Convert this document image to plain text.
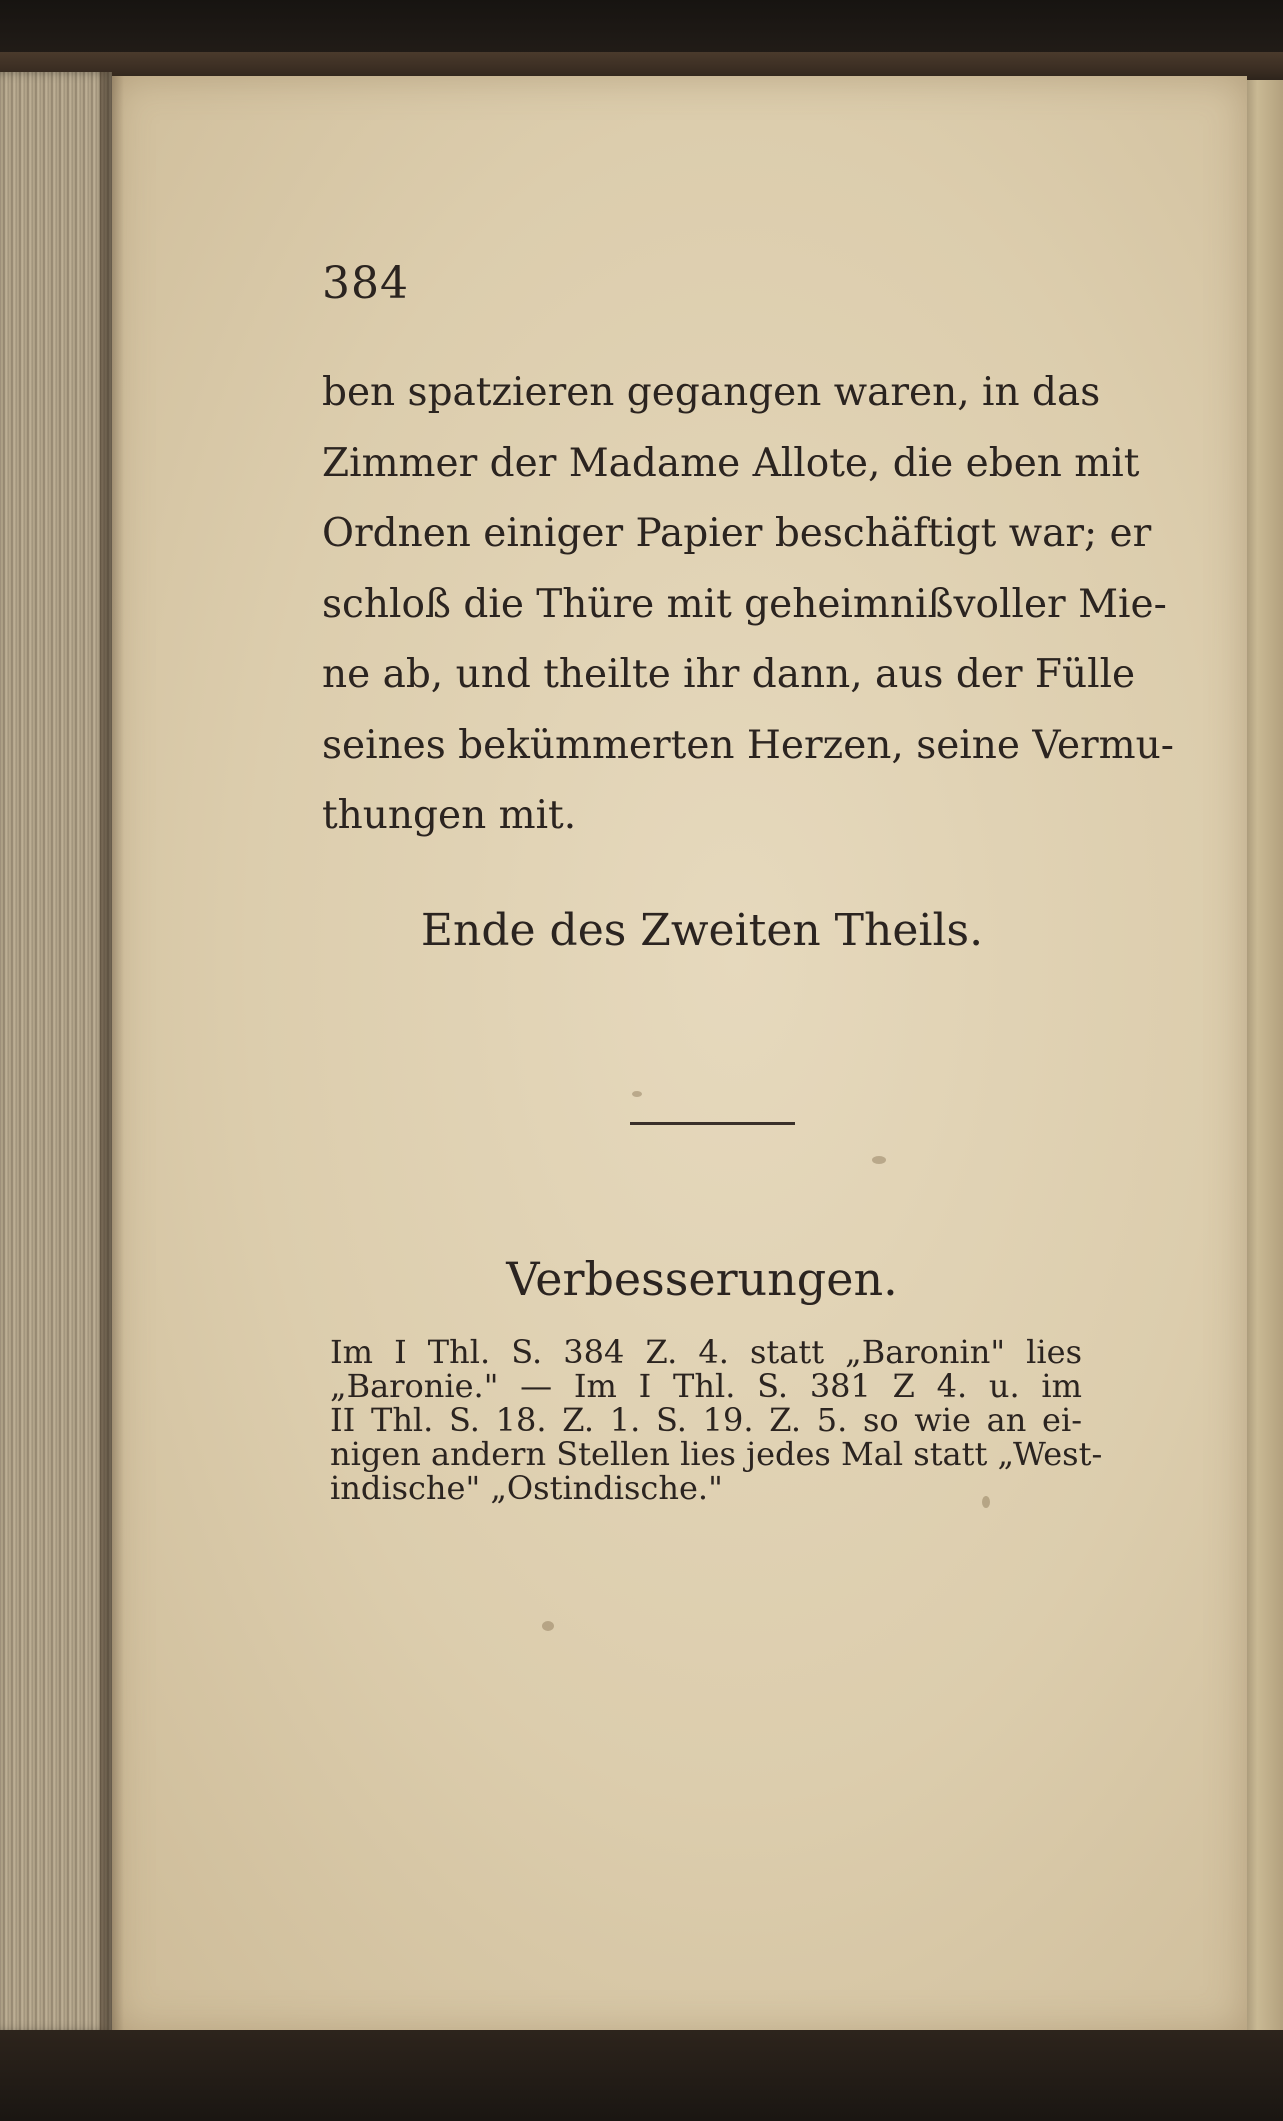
384

ben spatzieren gegangen waren, in das
Zimmer der Madame Allote, die eben mit
Ordnen einiger Papier beschäftigt war; er
schloß die Thüre mit geheimnißvoller Mie-
ne ab, und theilte ihr dann, aus der Fülle
seines bekümmerten Herzen, seine Vermu-
thungen mit.

Ende des Zweiten Theils.
Verbesserungen.

Im I Thl. S. 384 Z. 4. statt „Baronin" lies
„Baronie." — Im I Thl. S. 381 Z 4. u. im
II Thl. S. 18. Z. 1. S. 19. Z. 5. so wie an ei-
nigen andern Stellen lies jedes Mal statt „West-
indische" „Ostindische."
